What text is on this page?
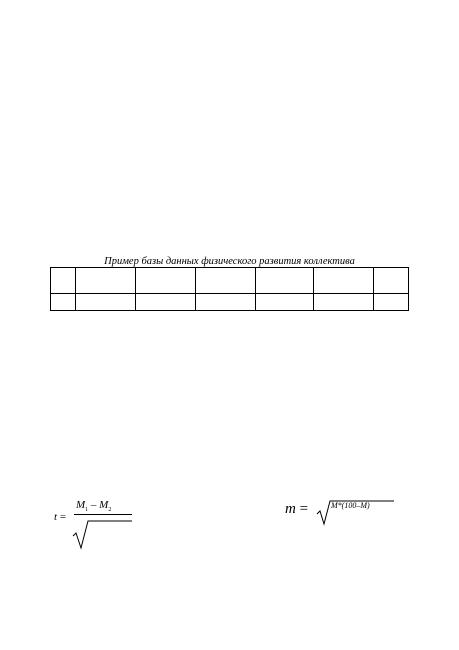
Пример базы данных физического развития коллектива

t =
$M_1 - M_2$	m =	M*(100–M)
